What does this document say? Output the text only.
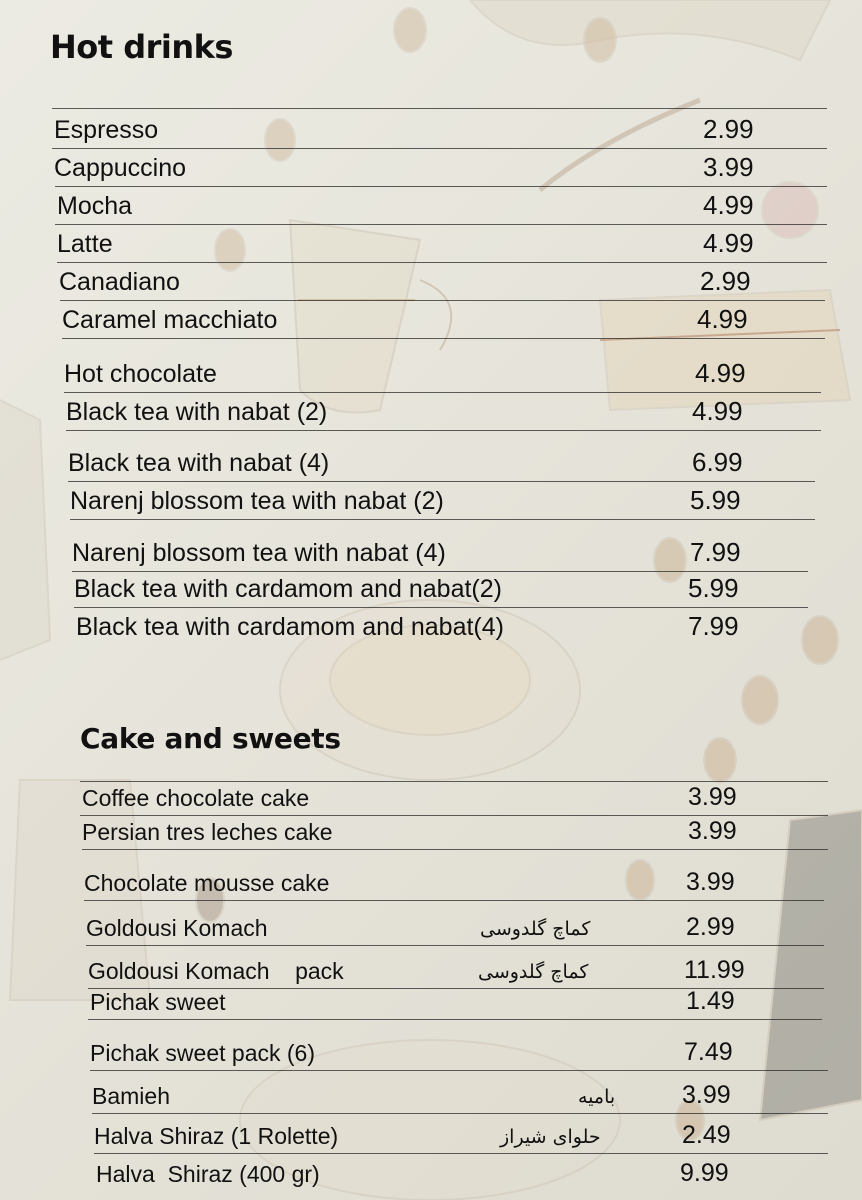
Hot drinks
Espresso	2.99
Cappuccino	3.99
Mocha	4.99
Latte	4.99
Canadiano	2.99
Caramel macchiato	4.99
Hot chocolate	4.99
Black tea with nabat (2)	4.99
Black tea with nabat (4)	6.99
Narenj blossom tea with nabat (2)	5.99
Narenj blossom tea with nabat (4)	7.99
Black tea with cardamom and nabat(2)	5.99
Black tea with cardamom and nabat(4)	7.99
Cake and sweets
Coffee chocolate cake	3.99
Persian tres leches cake	3.99
Chocolate mousse cake	3.99
Goldousi Komach	کماچ گلدوسی	2.99
Goldousi Komach    pack	کماچ گلدوسی	11.99
Pichak sweet	1.49
Pichak sweet pack (6)	7.49
Bamieh	بامیه	3.99
Halva Shiraz (1 Rolette)	حلوای شیراز	2.49
Halva  Shiraz (400 gr)	9.99
